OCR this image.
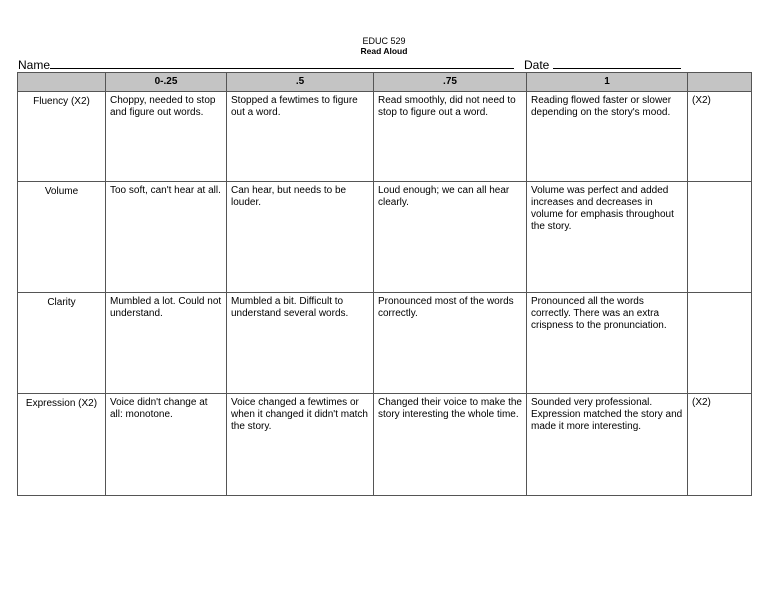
EDUC 529
Read Aloud
Name	Date
	0-.25	.5	.75	1	
Fluency (X2)	Choppy, needed to stop and figure out words.	Stopped a fewtimes to figure out a word.	Read smoothly, did not need to stop to figure out a word.	Reading flowed faster or slower depending on the story's mood.	(X2)
Volume	Too soft, can't hear at all.	Can hear, but needs to be louder.	Loud enough; we can all hear clearly.	Volume was perfect and added increases and decreases in volume for emphasis throughout the story.	
Clarity	Mumbled a lot. Could not understand.	Mumbled a bit. Difficult to understand several words.	Pronounced most of the words correctly.	Pronounced all the words correctly. There was an extra crispness to the pronunciation.	
Expression (X2)	Voice didn't change at all: monotone.	Voice changed a fewtimes or when it changed it didn't match the story.	Changed their voice to make the story interesting the whole time.	Sounded very professional. Expression matched the story and made it more interesting.	(X2)
